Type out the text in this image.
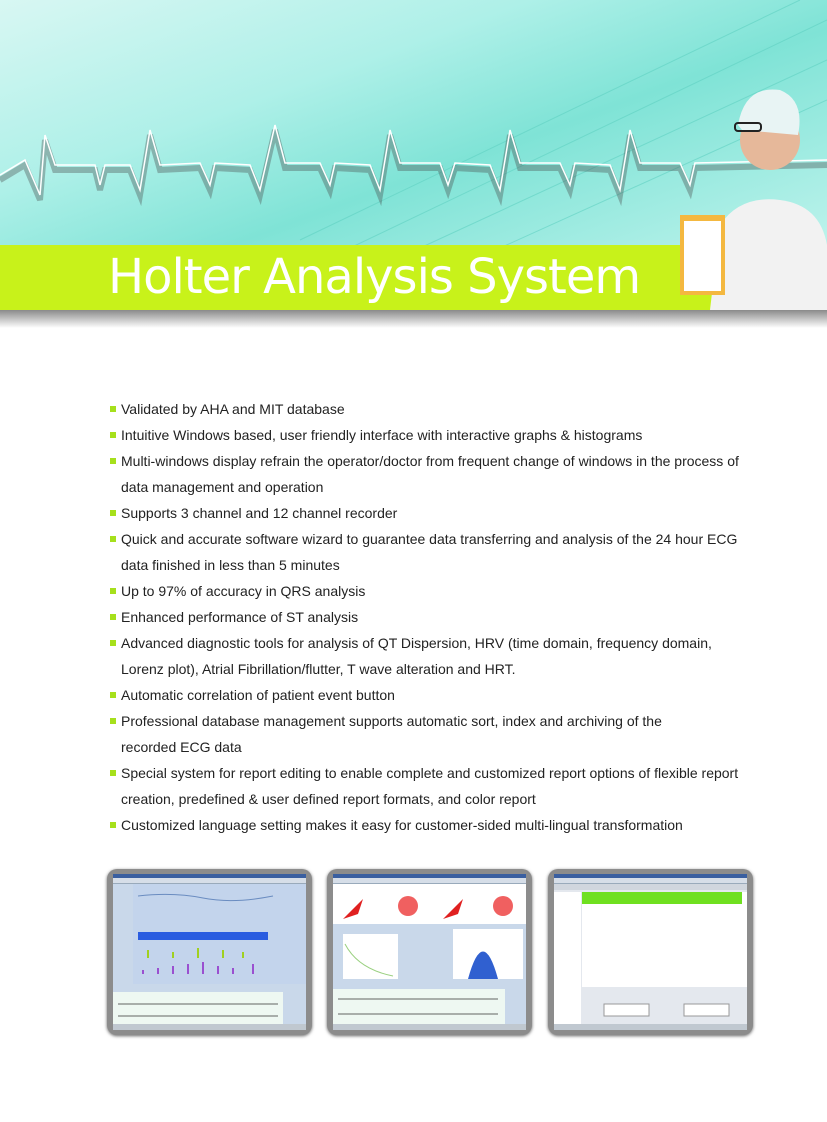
Holter Analysis System
Validated by AHA and MIT database
Intuitive Windows based, user friendly interface with interactive graphs & histograms
Multi-windows display refrain the operator/doctor from frequent change of windows in the process of
data management and operation
Supports 3 channel and 12 channel recorder
Quick and accurate software wizard to guarantee data transferring and analysis of the 24 hour ECG
data finished in less than 5 minutes
Up to 97% of accuracy in QRS analysis
Enhanced performance of ST analysis
Advanced diagnostic tools for analysis of QT Dispersion, HRV (time domain, frequency domain,
Lorenz plot), Atrial Fibrillation/flutter, T wave alteration and HRT.
Automatic correlation of patient event button
Professional database management supports automatic sort, index and archiving of the
recorded ECG data
Special system for report editing to enable complete and customized report options of flexible report
creation, predefined & user defined report formats, and color report
Customized language setting makes it easy for customer-sided multi-lingual transformation
